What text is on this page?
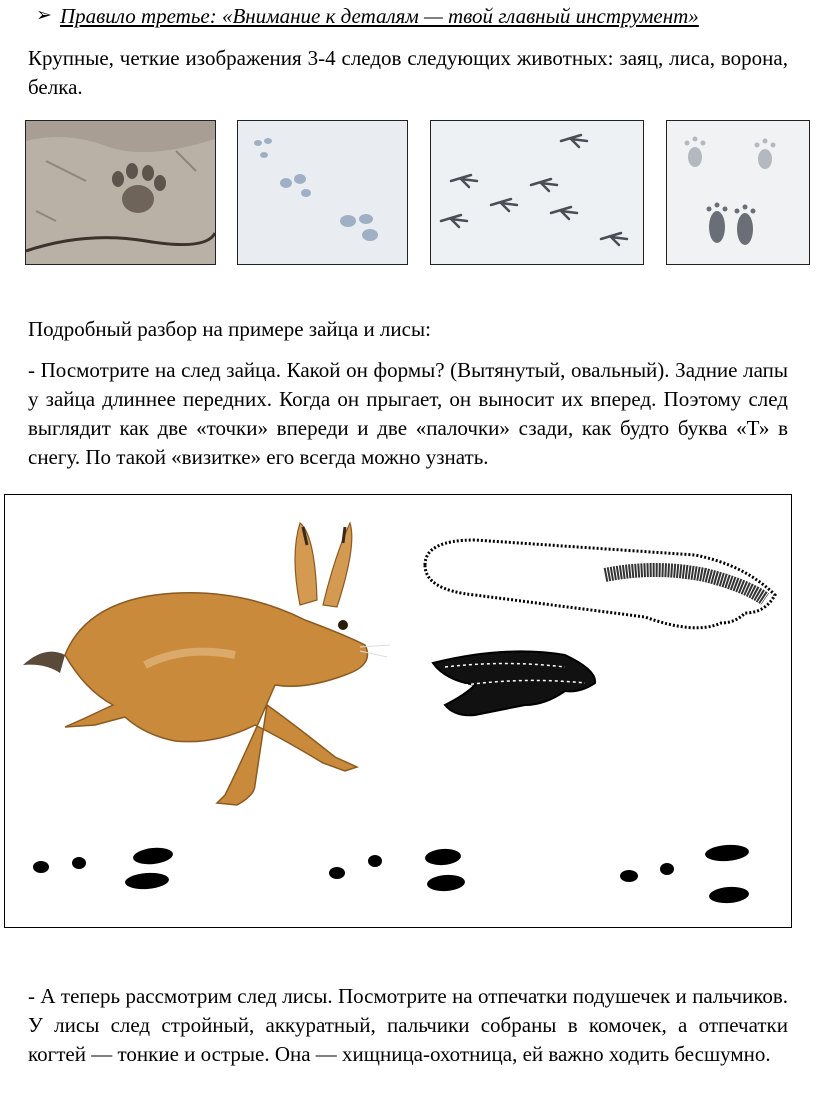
➢ Правило третье: «Внимание к деталям — твой главный инструмент»

Крупные, четкие изображения 3-4 следов следующих животных: заяц, лиса, ворона, белка.

Подробный разбор на примере зайца и лисы:

- Посмотрите на след зайца. Какой он формы? (Вытянутый, овальный). Задние лапы у зайца длиннее передних. Когда он прыгает, он выносит их вперед. Поэтому след выглядит как две «точки» впереди и две «палочки» сзади, как будто буква «Т» в снегу. По такой «визитке» его всегда можно узнать.

- А теперь рассмотрим след лисы. Посмотрите на отпечатки подушечек и пальчиков. У лисы след стройный, аккуратный, пальчики собраны в комочек, а отпечатки когтей — тонкие и острые. Она — хищница-охотница, ей важно ходить бесшумно.
